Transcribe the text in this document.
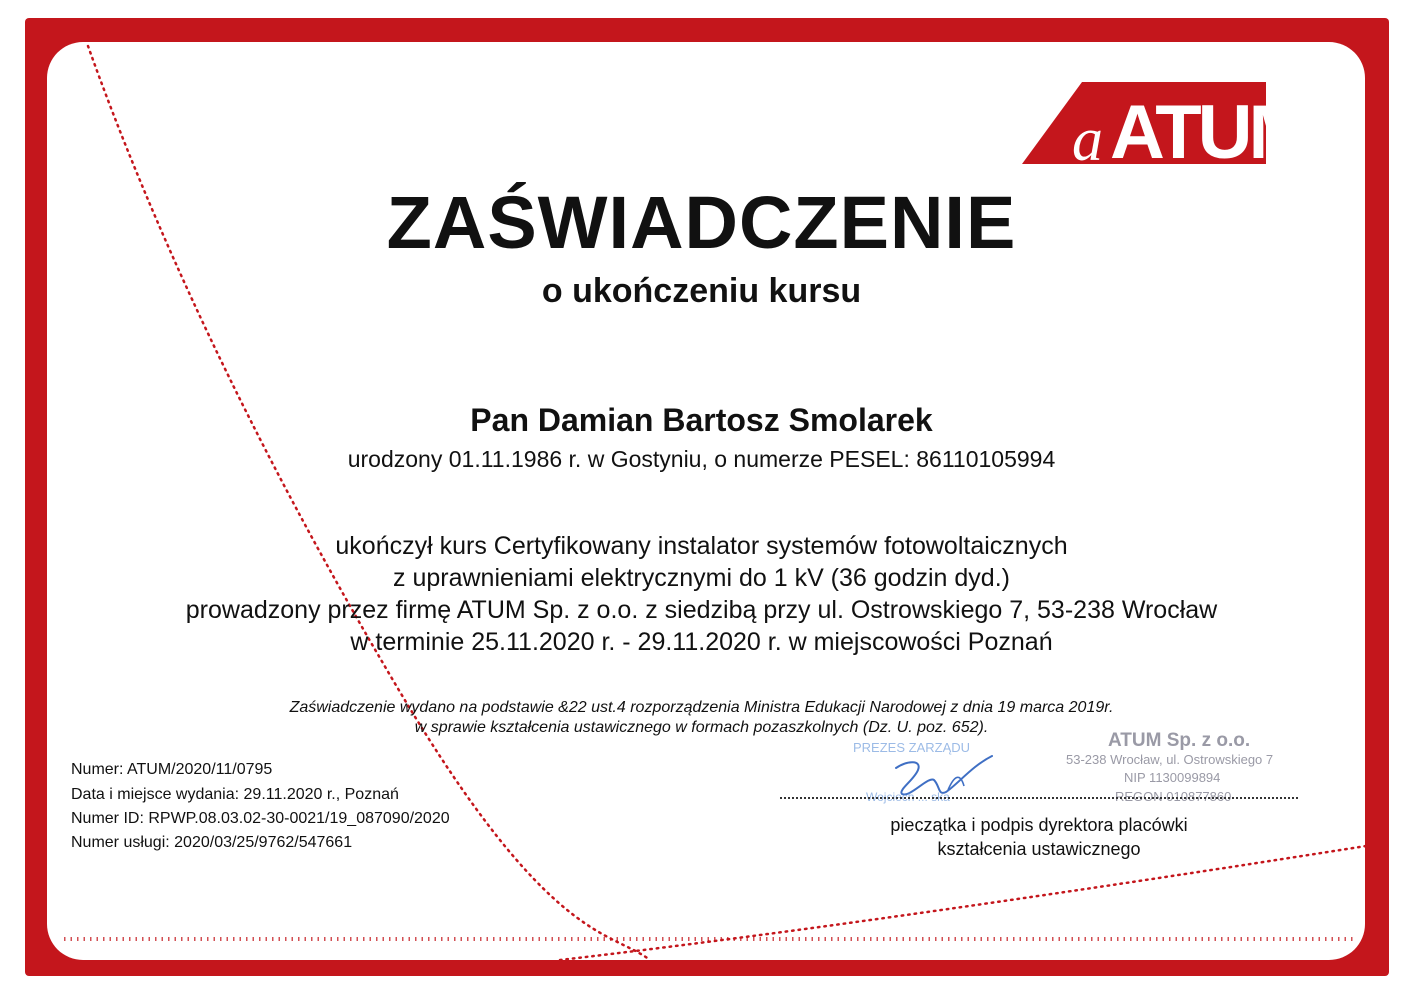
a ATUM
ZAŚWIADCZENIE
o ukończeniu kursu
Pan Damian Bartosz Smolarek
urodzony 01.11.1986 r. w Gostyniu, o numerze PESEL: 86110105994
ukończył kurs Certyfikowany instalator systemów fotowoltaicznych
z uprawnieniami elektrycznymi do 1 kV (36 godzin dyd.)
prowadzony przez firmę ATUM Sp. z o.o. z siedzibą przy ul. Ostrowskiego 7, 53-238 Wrocław
w terminie 25.11.2020 r. - 29.11.2020 r. w miejscowości Poznań
Zaświadczenie wydano na podstawie &22 ust.4 rozporządzenia Ministra Edukacji Narodowej z dnia 19 marca 2019r.
w sprawie kształcenia ustawicznego w formach pozaszkolnych (Dz. U. poz. 652).
Numer: ATUM/2020/11/0795
Data i miejsce wydania: 29.11.2020 r., Poznań
Numer ID: RPWP.08.03.02-30-0021/19_087090/2020
Numer usługi: 2020/03/25/9762/547661
PREZES ZARZĄDU
Wojciech ... ska
ATUM Sp. z o.o.
53-238 Wrocław, ul. Ostrowskiego 7
NIP 1130099894
REGON 010877860
pieczątka i podpis dyrektora placówki
kształcenia ustawicznego
